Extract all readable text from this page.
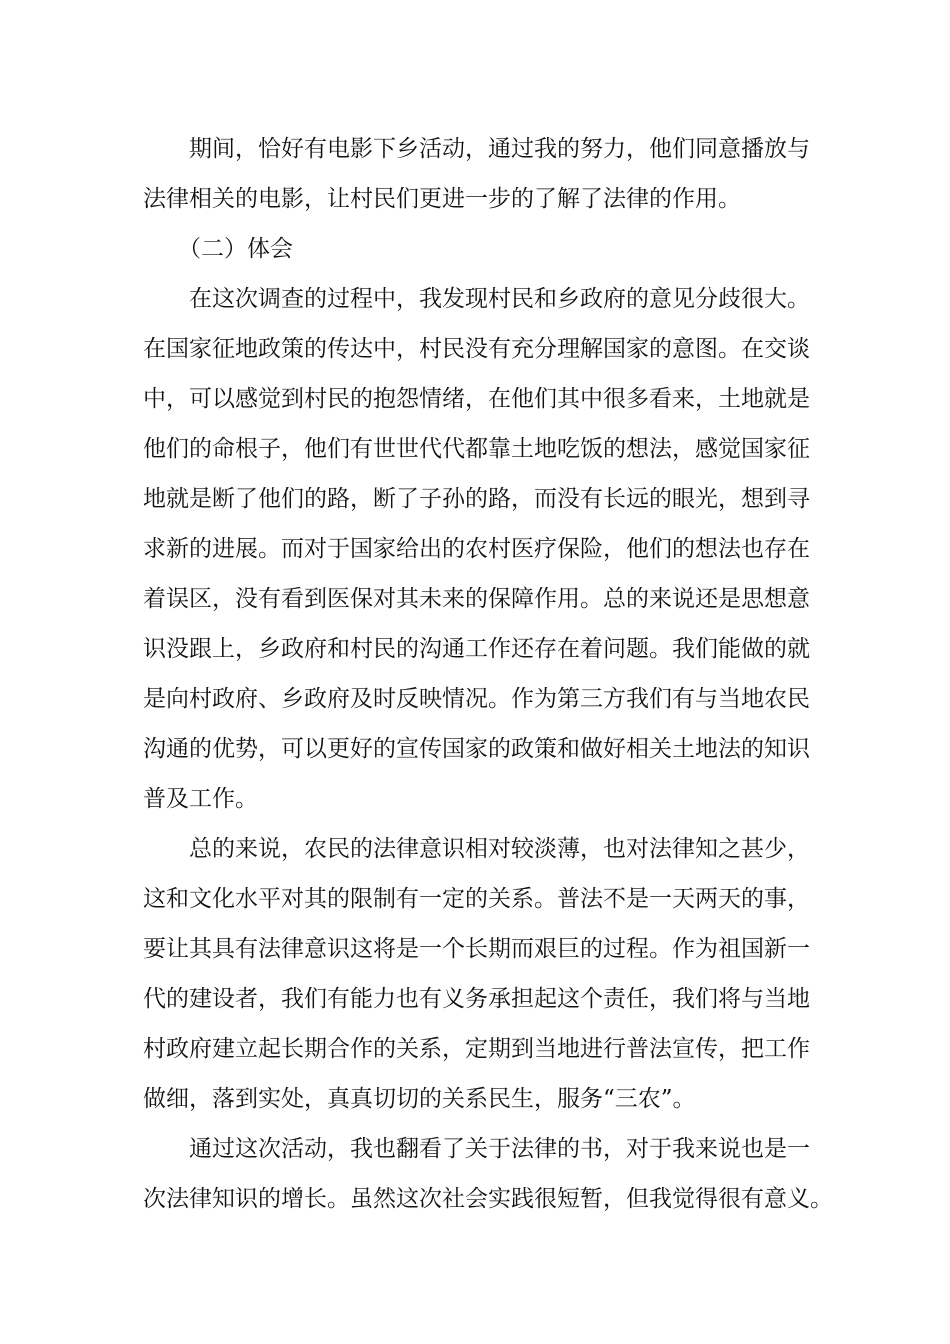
期间，恰好有电影下乡活动，通过我的努力，他们同意播放与

法律相关的电影，让村民们更进一步的了解了法律的作用。

（二）体会

在这次调查的过程中，我发现村民和乡政府的意见分歧很大。

在国家征地政策的传达中，村民没有充分理解国家的意图。在交谈

中，可以感觉到村民的抱怨情绪，在他们其中很多看来，土地就是

他们的命根子，他们有世世代代都靠土地吃饭的想法，感觉国家征

地就是断了他们的路，断了子孙的路，而没有长远的眼光，想到寻

求新的进展。而对于国家给出的农村医疗保险，他们的想法也存在

着误区，没有看到医保对其未来的保障作用。总的来说还是思想意

识没跟上，乡政府和村民的沟通工作还存在着问题。我们能做的就

是向村政府、乡政府及时反映情况。作为第三方我们有与当地农民

沟通的优势，可以更好的宣传国家的政策和做好相关土地法的知识

普及工作。

总的来说，农民的法律意识相对较淡薄，也对法律知之甚少，

这和文化水平对其的限制有一定的关系。普法不是一天两天的事，

要让其具有法律意识这将是一个长期而艰巨的过程。作为祖国新一

代的建设者，我们有能力也有义务承担起这个责任，我们将与当地

村政府建立起长期合作的关系，定期到当地进行普法宣传，把工作

做细，落到实处，真真切切的关系民生，服务“三农”。

通过这次活动，我也翻看了关于法律的书，对于我来说也是一

次法律知识的增长。虽然这次社会实践很短暂，但我觉得很有意义。
